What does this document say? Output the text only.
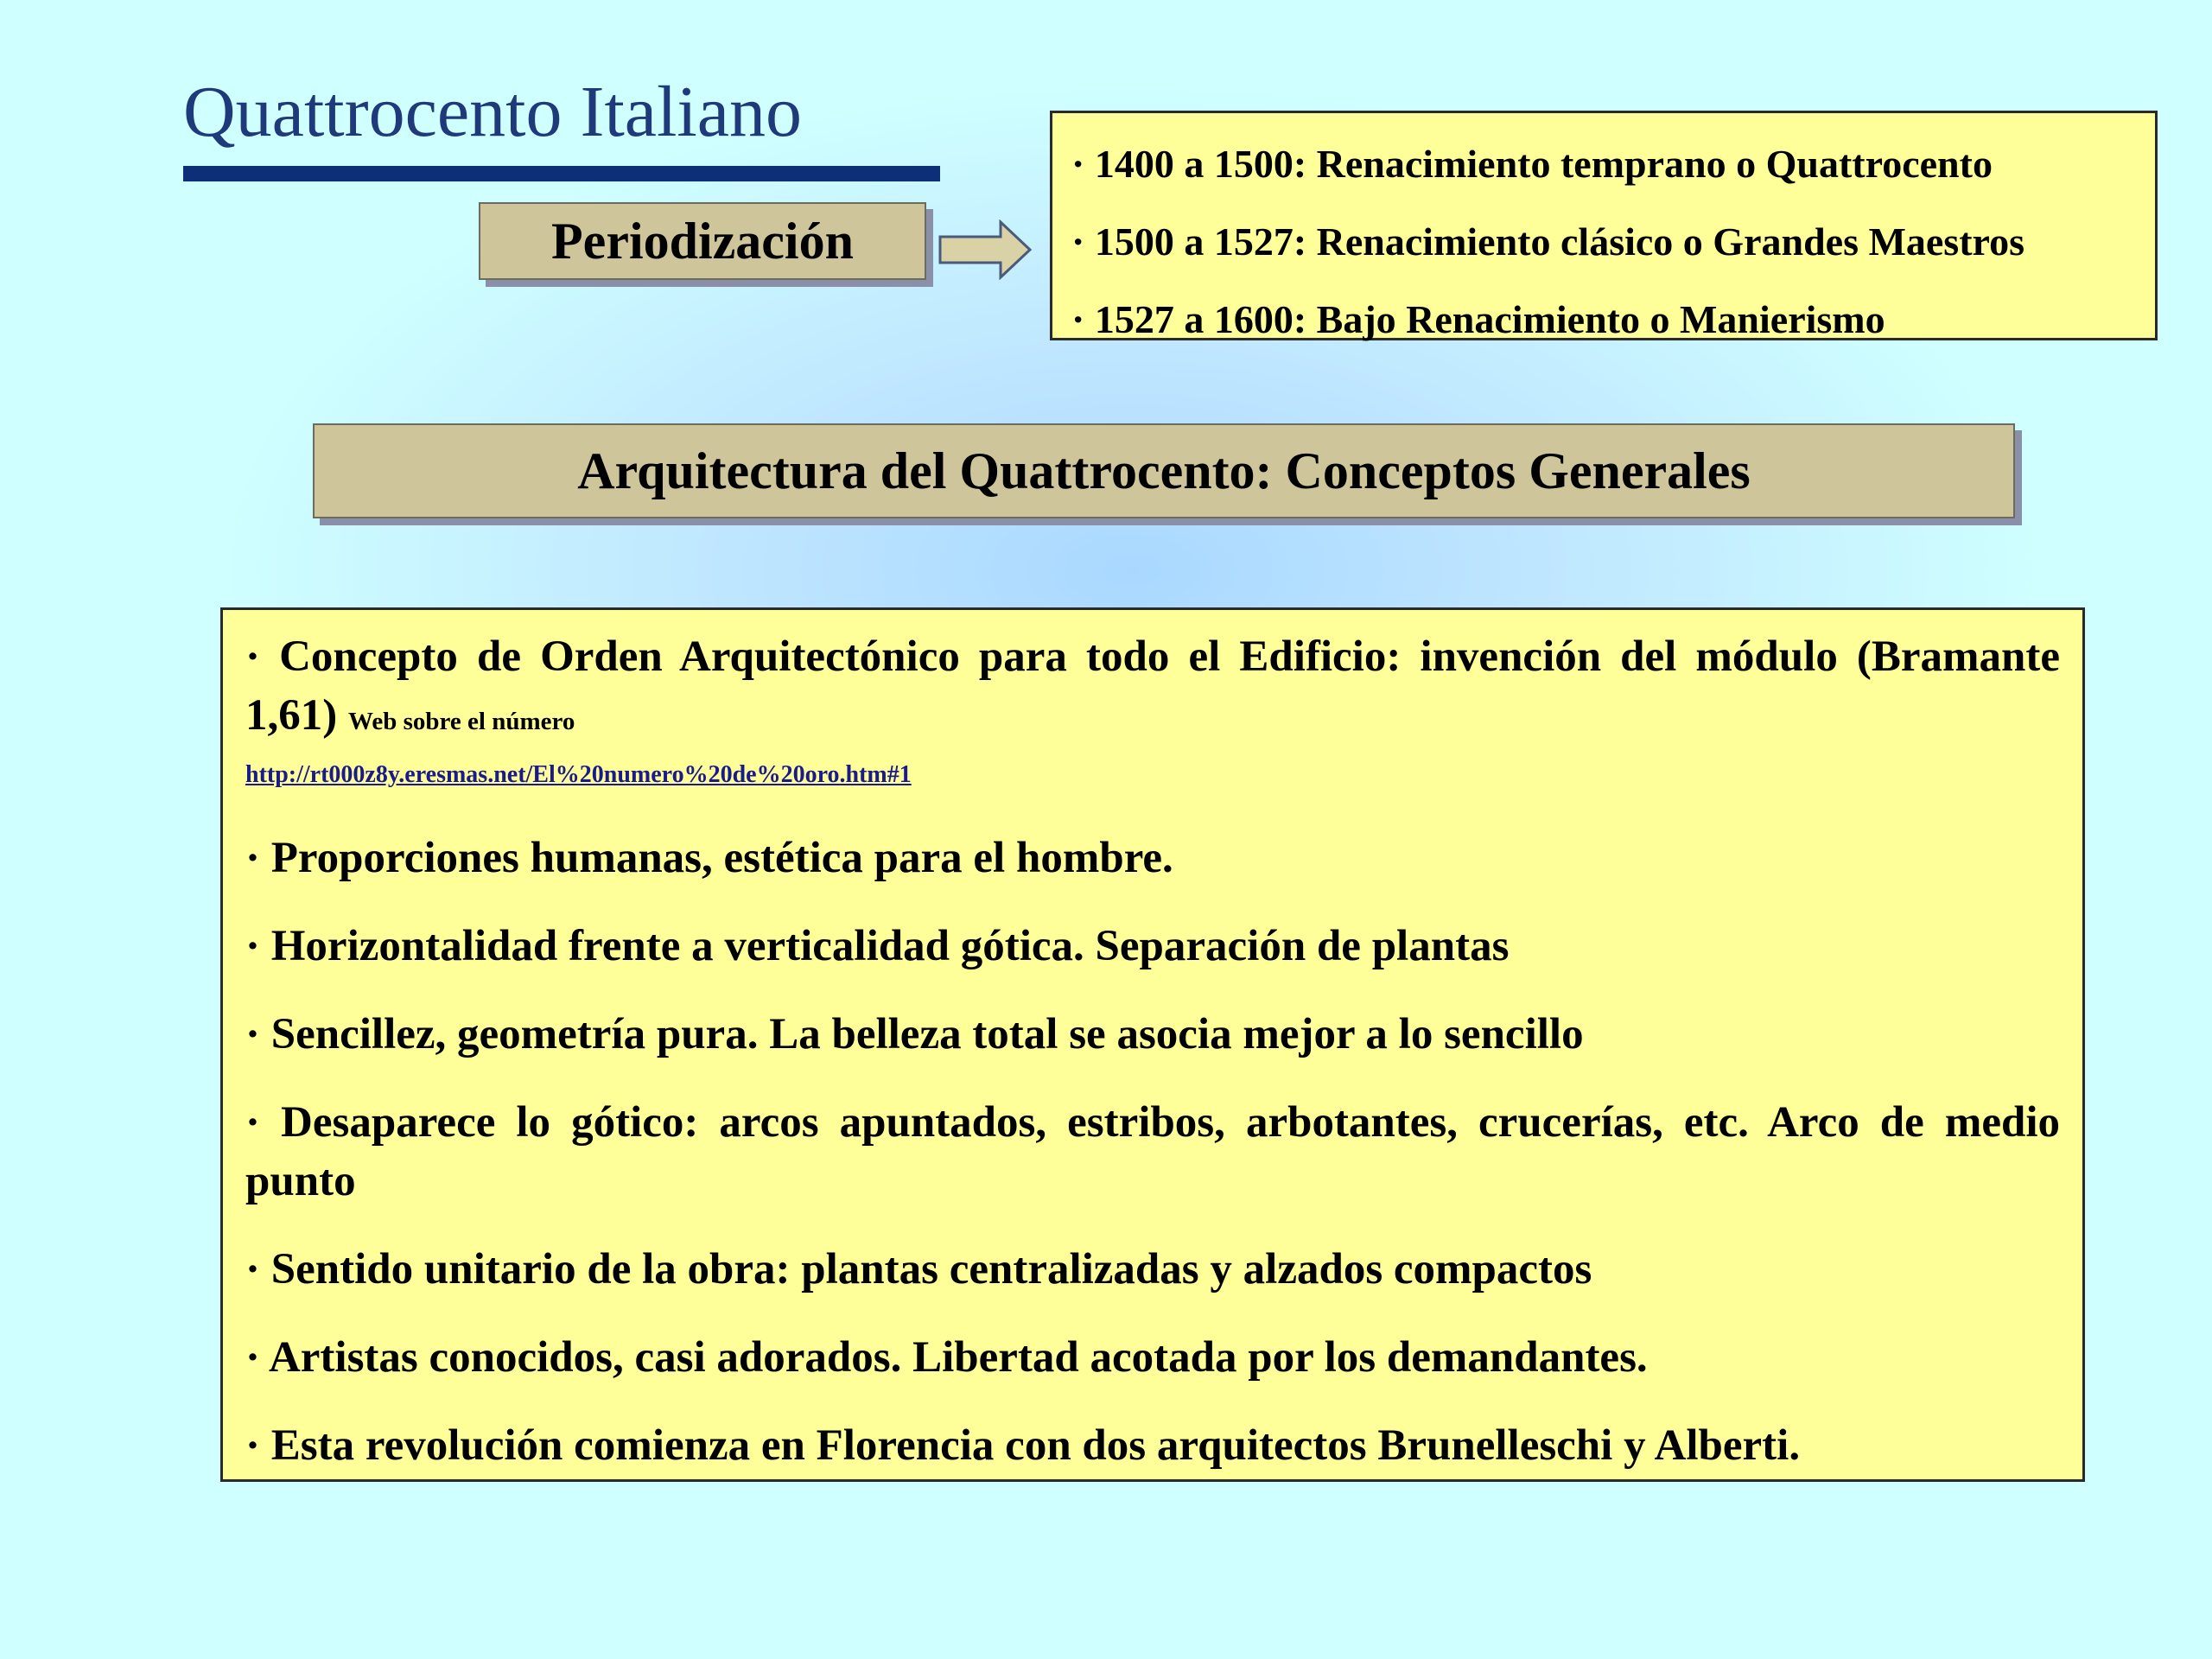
Quattrocento Italiano
Periodización
· 1400 a 1500: Renacimiento temprano o Quattrocento
· 1500 a 1527: Renacimiento clásico o Grandes Maestros
· 1527 a 1600: Bajo Renacimiento o Manierismo
Arquitectura del Quattrocento: Conceptos Generales
· Concepto de Orden Arquitectónico para todo el Edificio: invención del módulo (Bramante 1,61) Web sobre el número
http://rt000z8y.eresmas.net/El%20numero%20de%20oro.htm#1
· Proporciones humanas, estética para el hombre.
· Horizontalidad frente a verticalidad gótica. Separación de plantas
· Sencillez, geometría pura. La belleza total se asocia mejor a lo sencillo
· Desaparece lo gótico: arcos apuntados, estribos, arbotantes, crucerías, etc. Arco de medio punto
· Sentido unitario de la obra: plantas centralizadas y alzados compactos
· Artistas conocidos, casi adorados. Libertad acotada por los demandantes.
· Esta revolución comienza en Florencia con dos arquitectos Brunelleschi y Alberti.
